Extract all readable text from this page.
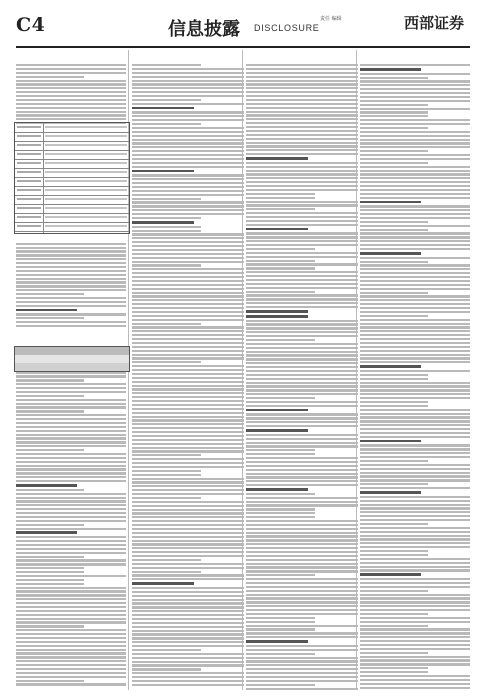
C4	信息披露 DISCLOSURE
责任 编辑	西部证券
